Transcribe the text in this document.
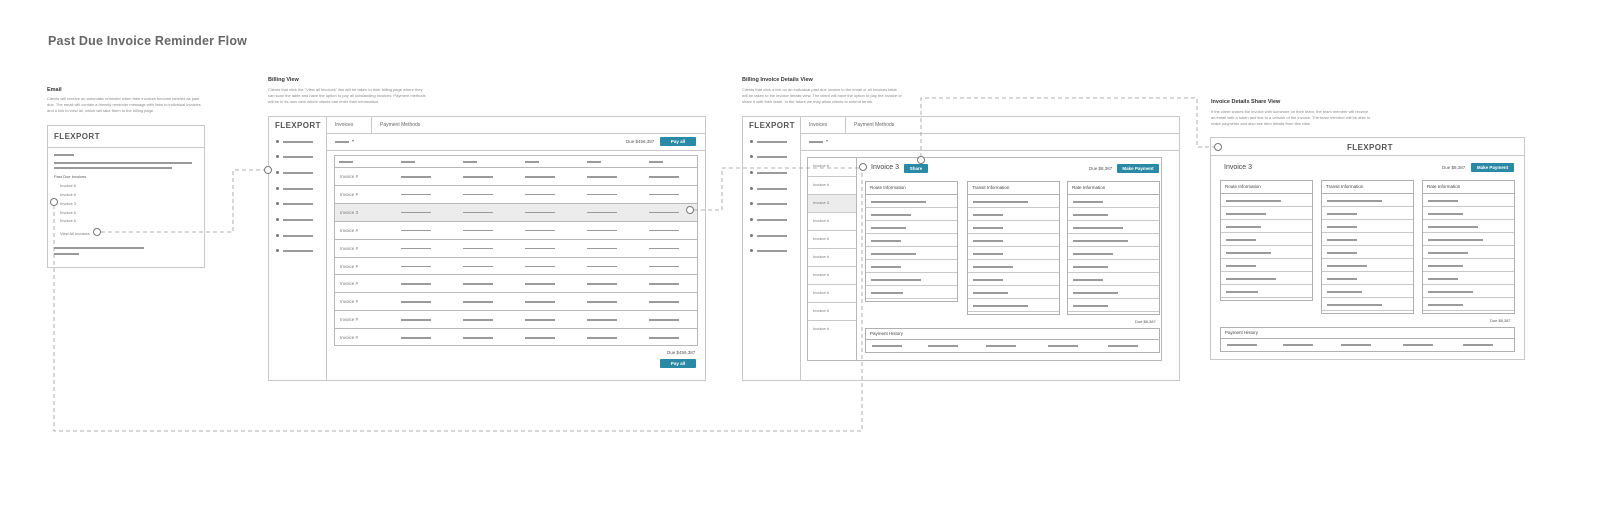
Past Due Invoice Reminder Flow
Email
Clients will receive an automatic reminder when their invoices become labeled as past due. The email will contain a friendly reminder message with links to individual invoices and a link to view all, which will take them to the billing page.
FLEXPORT
Past Due Invoices
Invoice #
Invoice #
Invoice 3
Invoice #
Invoice #
View All Invoices
Billing View
Clients that click the "View all Invoices" link will be taken to their billing page where they can scan the table and have the option to pay all outstanding invoices. Payment methods will be in its own view where clients can enter their information.
FLEXPORT	Invoices	Payment Methods
▾	Due $456,387	Pay all
Invoice #
Invoice #
Invoice 3
Invoice #
Invoice #
Invoice #
Invoice #
Invoice #
Invoice #
Invoice #
Due $456,387
Pay all
Billing Invoice Details View
Clients that click a link on an individual past due invoice in the email or all invoices table will be taken to the invoice details view. The client will have the option to pay the invoice or share it with their team. In the future we may allow clients to extend terms.
FLEXPORT	Invoices	Payment Methods
▾
Invoice #
Invoice #
Invoice 3
Invoice #
Invoice #
Invoice #
Invoice #
Invoice #
Invoice #
Invoice #
Invoice 3	Share	Due $8,387	Make Payment
Route Information	Transit Information	Rate Information
Due $8,387
Payment History
Invoice Details Share View
If the client shares the invoice with someone on their team, the team member will receive an email with a token and link to a version of the invoice. The team member will be able to make payments and also see item details from this view.
FLEXPORT
Invoice 3	Due $8,387	Make Payment
Route Information	Transit Information	Rate Information
Due $8,387
Payment History
